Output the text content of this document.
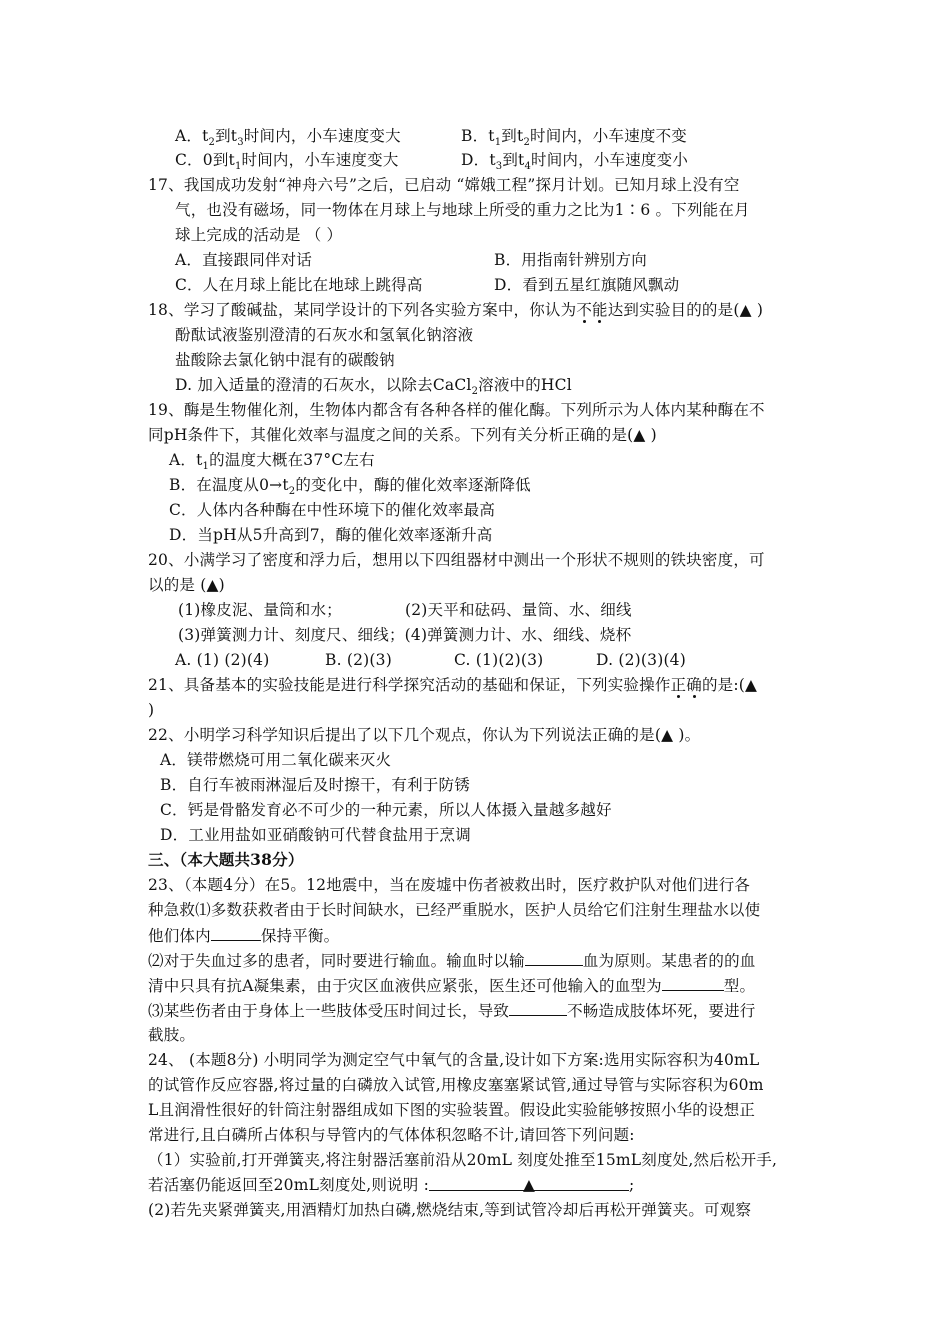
A．$t_2$到$t_3$时间内，小车速度变大	B．$t_1$到$t_2$时间内，小车速度不变
C．0到$t_1$时间内，小车速度变大	D．$t_3$到$t_4$时间内，小车速度变小
17、我国成功发射“神舟六号”之后，已启动 “嫦娥工程”探月计划。已知月球上没有空
气，也没有磁场，同一物体在月球上与地球上所受的重力之比为1∶6 。下列能在月
球上完成的活动是 （ ）
A．直接跟同伴对话	B．用指南针辨别方向
C．人在月球上能比在地球上跳得高	D．看到五星红旗随风飘动
18、学习了酸碱盐，某同学设计的下列各实验方案中，你认为不能达到实验目的的是(▲ )
酚酞试液鉴别澄清的石灰水和氢氧化钠溶液
盐酸除去氯化钠中混有的碳酸钠
D. 加入适量的澄清的石灰水，以除去CaCl$_2$溶液中的HCl
19、酶是生物催化剂，生物体内都含有各种各样的催化酶。下列所示为人体内某种酶在不
同pH条件下，其催化效率与温度之间的关系。下列有关分析正确的是(▲ )
A．$t_1$的温度大概在37°C左右
B．在温度从$0\to t_2$的变化中，酶的催化效率逐渐降低
C．人体内各种酶在中性环境下的催化效率最高
D．当pH从5升高到7，酶的催化效率逐渐升高
20、小满学习了密度和浮力后，想用以下四组器材中测出一个形状不规则的铁块密度，可
以的是 (▲)
(1)橡皮泥、量筒和水；	(2)天平和砝码、量筒、水、细线
(3)弹簧测力计、刻度尺、细线；(4)弹簧测力计、水、细线、烧杯
A. (1) (2)(4)	B. (2)(3)	C. (1)(2)(3)	D. (2)(3)(4)
21、具备基本的实验技能是进行科学探究活动的基础和保证，下列实验操作正确的是:(▲
)
22、小明学习科学知识后提出了以下几个观点，你认为下列说法正确的是(▲ )。
A．镁带燃烧可用二氧化碳来灭火
B．自行车被雨淋湿后及时擦干，有利于防锈
C．钙是骨骼发育必不可少的一种元素，所以人体摄入量越多越好
D．工业用盐如亚硝酸钠可代替食盐用于烹调
三、（本大题共38分）
23、（本题4分）在5。12地震中，当在废墟中伤者被救出时，医疗救护队对他们进行各
种急救⑴多数获救者由于长时间缺水，已经严重脱水，医护人员给它们注射生理盐水以使
他们体内	保持平衡。
⑵对于失血过多的患者，同时要进行输血。输血时以输	血为原则。某患者的的血
清中只具有抗A凝集素，由于灾区血液供应紧张，医生还可他输入的血型为	型。
⑶某些伤者由于身体上一些肢体受压时间过长，导致	不畅造成肢体坏死，要进行
截肢。
24、 (本题8分) 小明同学为测定空气中氧气的含量,设计如下方案:选用实际容积为40mL
的试管作反应容器,将过量的白磷放入试管,用橡皮塞塞紧试管,通过导管与实际容积为60m
L且润滑性很好的针筒注射器组成如下图的实验装置。假设此实验能够按照小华的设想正
常进行,且白磷所占体积与导管内的气体体积忽略不计,请回答下列问题:
（1）实验前,打开弹簧夹,将注射器活塞前沿从20mL 刻度处推至15mL刻度处,然后松开手,
若活塞仍能返回至20mL刻度处,则说明 :	▲	;
(2)若先夹紧弹簧夹,用酒精灯加热白磷,燃烧结束,等到试管冷却后再松开弹簧夹。可观察
